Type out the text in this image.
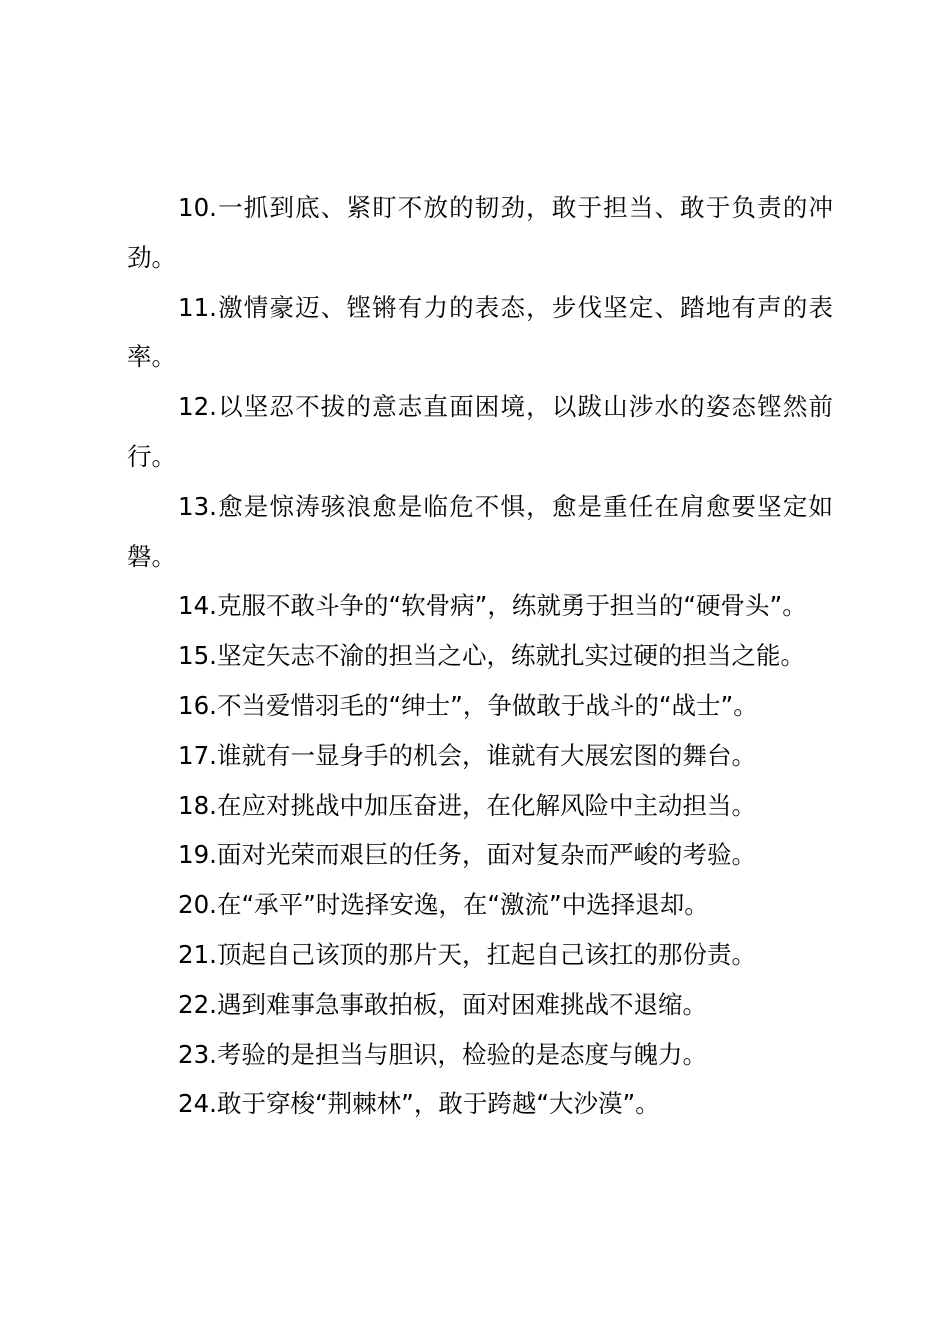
10.一抓到底、紧盯不放的韧劲，敢于担当、敢于负责的冲劲。

11.激情豪迈、铿锵有力的表态，步伐坚定、踏地有声的表率。

12.以坚忍不拔的意志直面困境，以跋山涉水的姿态铿然前行。

13.愈是惊涛骇浪愈是临危不惧，愈是重任在肩愈要坚定如磐。

14.克服不敢斗争的“软骨病”，练就勇于担当的“硬骨头”。

15.坚定矢志不渝的担当之心，练就扎实过硬的担当之能。

16.不当爱惜羽毛的“绅士”，争做敢于战斗的“战士”。

17.谁就有一显身手的机会，谁就有大展宏图的舞台。

18.在应对挑战中加压奋进，在化解风险中主动担当。

19.面对光荣而艰巨的任务，面对复杂而严峻的考验。

20.在“承平”时选择安逸，在“激流”中选择退却。

21.顶起自己该顶的那片天，扛起自己该扛的那份责。

22.遇到难事急事敢拍板，面对困难挑战不退缩。

23.考验的是担当与胆识，检验的是态度与魄力。

24.敢于穿梭“荆棘林”，敢于跨越“大沙漠”。
